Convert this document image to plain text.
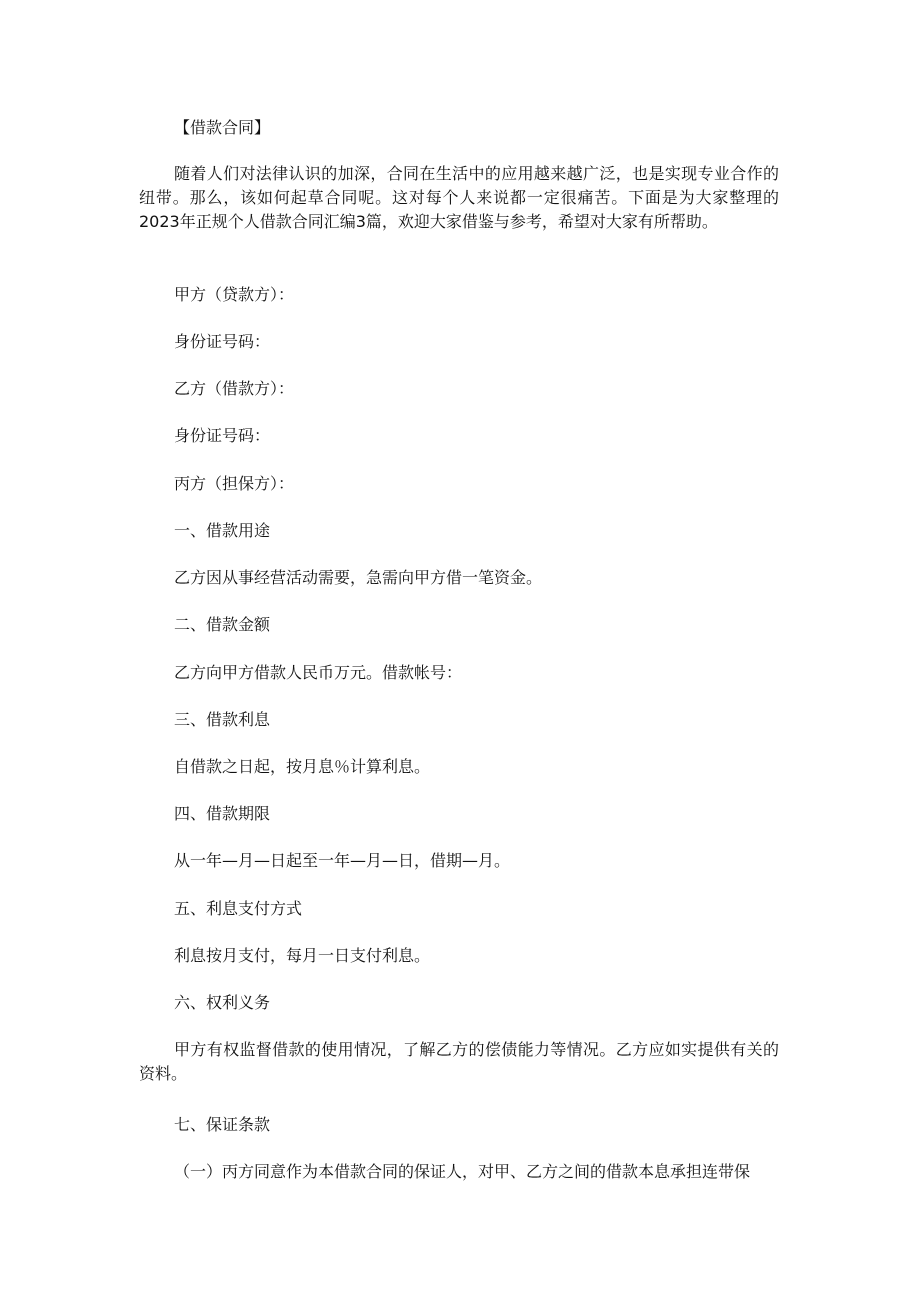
【借款合同】
随着人们对法律认识的加深，合同在生活中的应用越来越广泛，也是实现专业合作的纽带。那么，该如何起草合同呢。这对每个人来说都一定很痛苦。下面是为大家整理的2023年正规个人借款合同汇编3篇，欢迎大家借鉴与参考，希望对大家有所帮助。
甲方（贷款方）：
身份证号码：
乙方（借款方）：
身份证号码：
丙方（担保方）：
一、借款用途
乙方因从事经营活动需要，急需向甲方借一笔资金。
二、借款金额
乙方向甲方借款人民币万元。借款帐号：
三、借款利息
自借款之日起，按月息％计算利息。
四、借款期限
从一年—月—日起至一年—月—日，借期—月。
五、利息支付方式
利息按月支付，每月一日支付利息。
六、权利义务
甲方有权监督借款的使用情况，了解乙方的偿债能力等情况。乙方应如实提供有关的资料。
七、保证条款
（一）丙方同意作为本借款合同的保证人，对甲、乙方之间的借款本息承担连带保
